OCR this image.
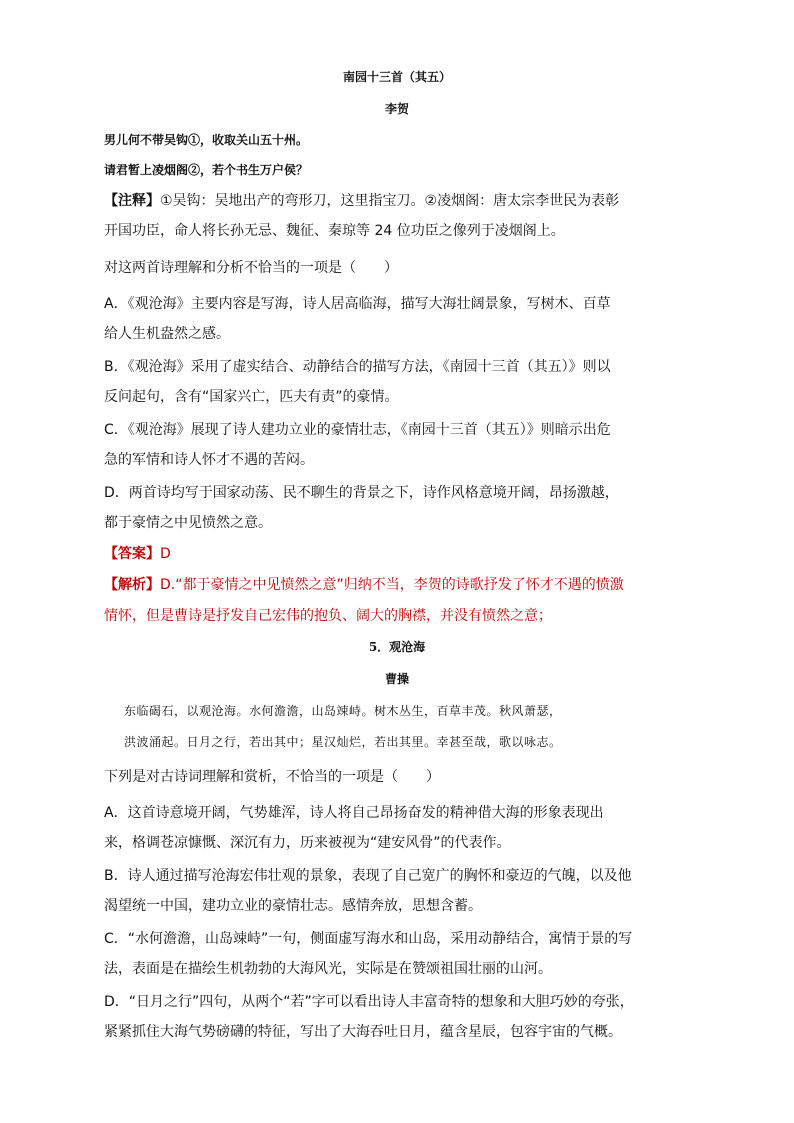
南园十三首（其五）
李贺
男儿何不带吴钩①，收取关山五十州。
请君暂上凌烟阁②，若个书生万户侯？
【注释】①吴钩：吴地出产的弯形刀，这里指宝刀。②凌烟阁：唐太宗李世民为表彰
开国功臣，命人将长孙无忌、魏征、秦琼等 24 位功臣之像列于凌烟阁上。
对这两首诗理解和分析不恰当的一项是（　　）
A．《观沧海》主要内容是写海，诗人居高临海，描写大海壮阔景象，写树木、百草
给人生机盎然之感。
B．《观沧海》采用了虚实结合、动静结合的描写方法，《南园十三首（其五）》则以
反问起句，含有“国家兴亡，匹夫有责”的豪情。
C．《观沧海》展现了诗人建功立业的豪情壮志，《南园十三首（其五）》则暗示出危
急的军情和诗人怀才不遇的苦闷。
D．两首诗均写于国家动荡、民不聊生的背景之下，诗作风格意境开阔，昂扬激越，
都于豪情之中见愤然之意。
【答案】D
【解析】D.“都于豪情之中见愤然之意”归纳不当，李贺的诗歌抒发了怀才不遇的愤激
情怀，但是曹诗是抒发自己宏伟的抱负、阔大的胸襟，并没有愤然之意；
5．观沧海
曹操
东临碣石，以观沧海。水何澹澹，山岛竦峙。树木丛生，百草丰茂。秋风萧瑟，
洪波涌起。日月之行，若出其中；星汉灿烂，若出其里。幸甚至哉，歌以咏志。
下列是对古诗词理解和赏析，不恰当的一项是（　　）
A．这首诗意境开阔，气势雄浑，诗人将自己昂扬奋发的精神借大海的形象表现出
来，格调苍凉慷慨、深沉有力，历来被视为“建安风骨”的代表作。
B．诗人通过描写沧海宏伟壮观的景象，表现了自己宽广的胸怀和豪迈的气魄，以及他
渴望统一中国，建功立业的豪情壮志。感情奔放，思想含蓄。
C．“水何澹澹，山岛竦峙”一句，侧面虚写海水和山岛，采用动静结合，寓情于景的写
法，表面是在描绘生机勃勃的大海风光，实际是在赞颂祖国壮丽的山河。
D．“日月之行”四句，从两个“若”字可以看出诗人丰富奇特的想象和大胆巧妙的夸张，
紧紧抓住大海气势磅礴的特征，写出了大海吞吐日月，蕴含星辰，包容宇宙的气概。
